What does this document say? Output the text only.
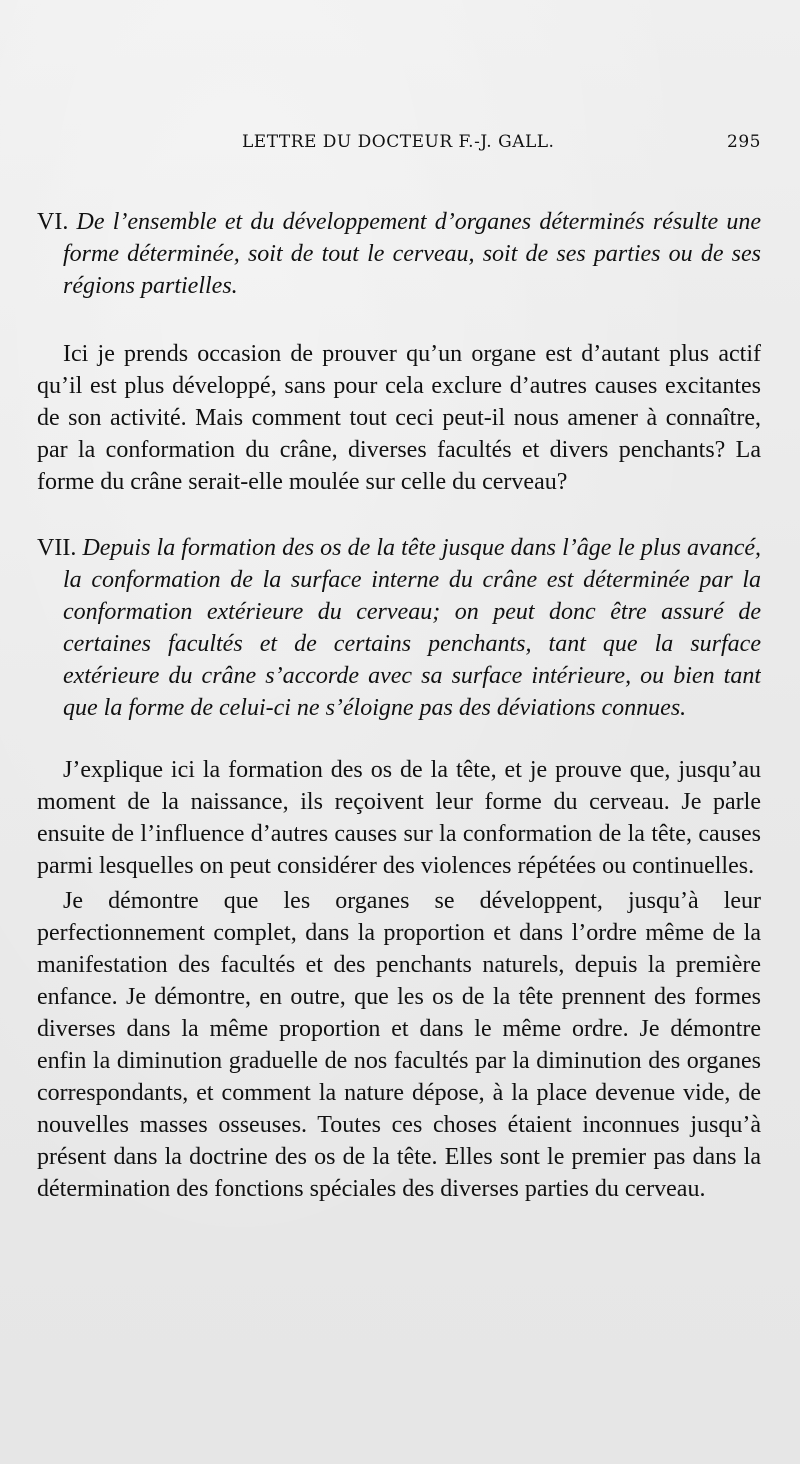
LETTRE DU DOCTEUR F.-J. GALL.	295

VI. De l’ensemble et du développement d’organes déterminés résulte une forme déterminée, soit de tout le cerveau, soit de ses parties ou de ses régions partielles.

Ici je prends occasion de prouver qu’un organe est d’autant plus actif qu’il est plus développé, sans pour cela exclure d’autres causes excitantes de son activité. Mais comment tout ceci peut-il nous amener à connaître, par la conformation du crâne, diverses facultés et divers penchants? La forme du crâne serait-elle moulée sur celle du cerveau?

VII. Depuis la formation des os de la tête jusque dans l’âge le plus avancé, la conformation de la surface interne du crâne est déterminée par la conformation extérieure du cerveau; on peut donc être assuré de certaines facultés et de certains penchants, tant que la surface extérieure du crâne s’accorde avec sa surface intérieure, ou bien tant que la forme de celui-ci ne s’éloigne pas des déviations connues.

J’explique ici la formation des os de la tête, et je prouve que, jusqu’au moment de la naissance, ils reçoivent leur forme du cerveau. Je parle ensuite de l’influence d’autres causes sur la conformation de la tête, causes parmi lesquelles on peut considérer des violences répétées ou continuelles.

Je démontre que les organes se développent, jusqu’à leur perfectionnement complet, dans la proportion et dans l’ordre même de la manifestation des facultés et des penchants naturels, depuis la première enfance. Je démontre, en outre, que les os de la tête prennent des formes diverses dans la même proportion et dans le même ordre. Je démontre enfin la diminution graduelle de nos facultés par la diminution des organes correspondants, et comment la nature dépose, à la place devenue vide, de nouvelles masses osseuses. Toutes ces choses étaient inconnues jusqu’à présent dans la doctrine des os de la tête. Elles sont le premier pas dans la détermination des fonctions spéciales des diverses parties du cerveau.
